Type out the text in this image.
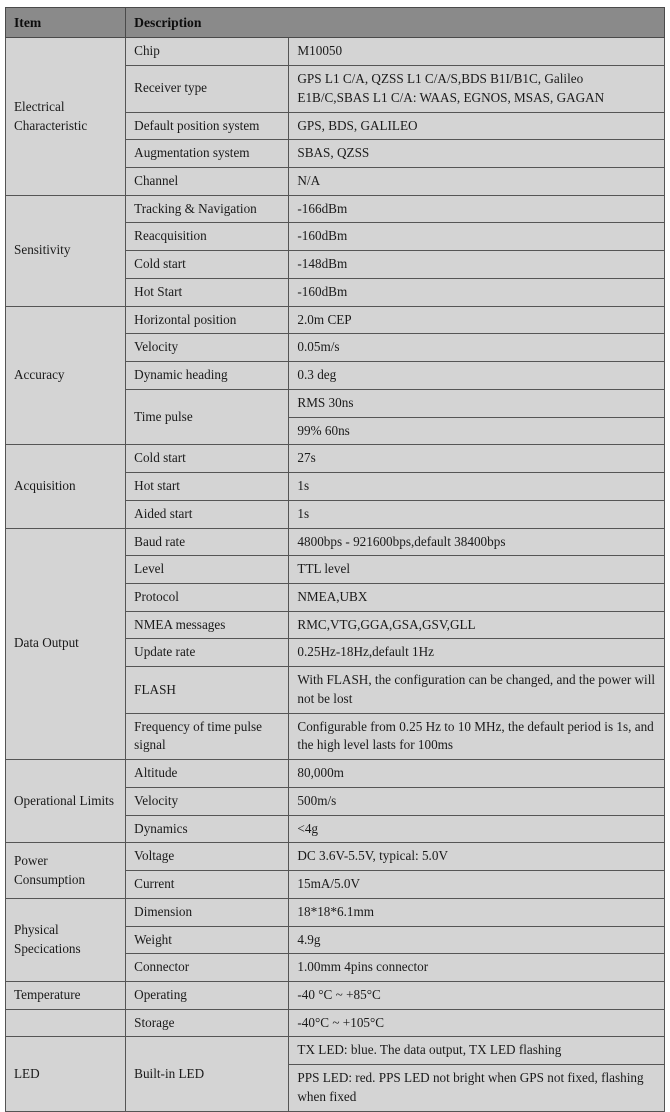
Item	Description	
Electrical Characteristic	Chip	M10050
	Receiver type	GPS L1 C/A, QZSS L1 C/A/S,BDS B1I/B1C, Galileo E1B/C,SBAS L1 C/A: WAAS, EGNOS, MSAS, GAGAN
	Default position system	GPS, BDS, GALILEO
	Augmentation system	SBAS, QZSS
	Channel	N/A
Sensitivity	Tracking & Navigation	-166dBm
	Reacquisition	-160dBm
	Cold start	-148dBm
	Hot Start	-160dBm
Accuracy	Horizontal position	2.0m CEP
	Velocity	0.05m/s
	Dynamic heading	0.3 deg
	Time pulse	RMS 30ns
		99% 60ns
Acquisition	Cold start	27s
	Hot start	1s
	Aided start	1s
Data Output	Baud rate	4800bps - 921600bps,default 38400bps
	Level	TTL level
	Protocol	NMEA,UBX
	NMEA messages	RMC,VTG,GGA,GSA,GSV,GLL
	Update rate	0.25Hz-18Hz,default 1Hz
	FLASH	With FLASH, the configuration can be changed, and the power will not be lost
	Frequency of time pulse signal	Configurable from 0.25 Hz to 10 MHz, the default period is 1s, and the high level lasts for 100ms
Operational Limits	Altitude	80,000m
	Velocity	500m/s
	Dynamics	<4g
Power Consumption	Voltage	DC 3.6V-5.5V, typical: 5.0V
	Current	15mA/5.0V
Physical Specications	Dimension	18*18*6.1mm
	Weight	4.9g
	Connector	1.00mm 4pins connector
Temperature	Operating	-40 °C ~ +85°C
	Storage	-40°C ~ +105°C
LED	Built-in LED	TX LED: blue. The data output, TX LED flashing
		PPS LED: red. PPS LED not bright when GPS not fixed, flashing when fixed
